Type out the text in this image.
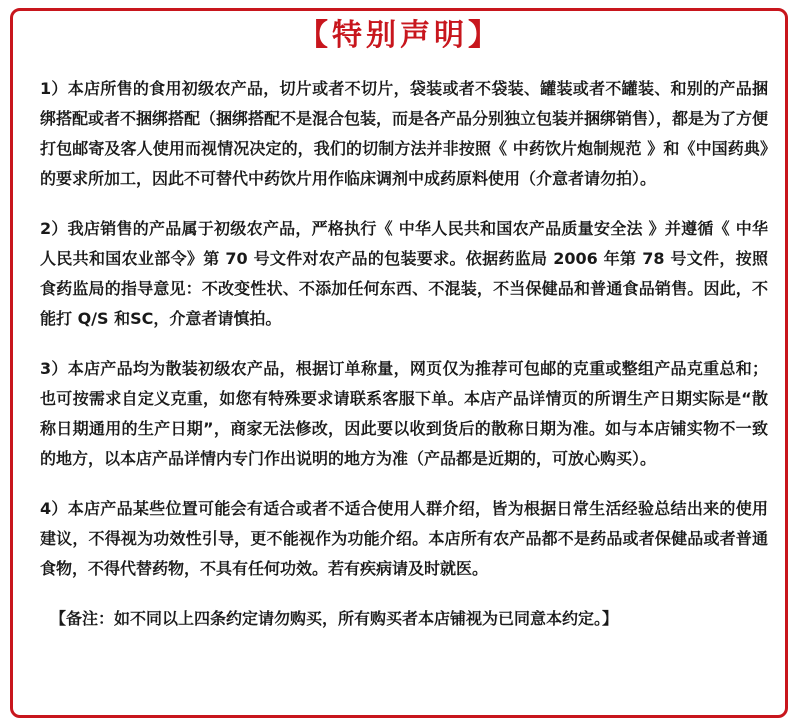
【特别声明】

1）本店所售的食用初级农产品，切片或者不切片，袋装或者不袋装、罐装或者不罐装、和别的产品捆绑搭配或者不捆绑搭配（捆绑搭配不是混合包装，而是各产品分别独立包装并捆绑销售），都是为了方便打包邮寄及客人使用而视情况决定的，我们的切制方法并非按照《 中药饮片炮制规范 》和《中国药典》的要求所加工，因此不可替代中药饮片用作临床调剂中成药原料使用（介意者请勿拍）。

2）我店销售的产品属于初级农产品，严格执行《 中华人民共和国农产品质量安全法 》并遵循《 中华人民共和国农业部令》第 70 号文件对农产品的包装要求。依据药监局 2006 年第 78 号文件，按照食药监局的指导意见：不改变性状、不添加任何东西、不混装，不当保健品和普通食品销售。因此，不能打 Q/S 和SC，介意者请慎拍。

3）本店产品均为散装初级农产品，根据订单称量，网页仅为推荐可包邮的克重或整组产品克重总和；也可按需求自定义克重，如您有特殊要求请联系客服下单。本店产品详情页的所谓生产日期实际是“散称日期通用的生产日期”，商家无法修改，因此要以收到货后的散称日期为准。如与本店铺实物不一致的地方，以本店产品详情内专门作出说明的地方为准（产品都是近期的，可放心购买）。

4）本店产品某些位置可能会有适合或者不适合使用人群介绍，皆为根据日常生活经验总结出来的使用建议，不得视为功效性引导，更不能视作为功能介绍。本店所有农产品都不是药品或者保健品或者普通食物，不得代替药物，不具有任何功效。若有疾病请及时就医。

【备注：如不同以上四条约定请勿购买，所有购买者本店铺视为已同意本约定。】
